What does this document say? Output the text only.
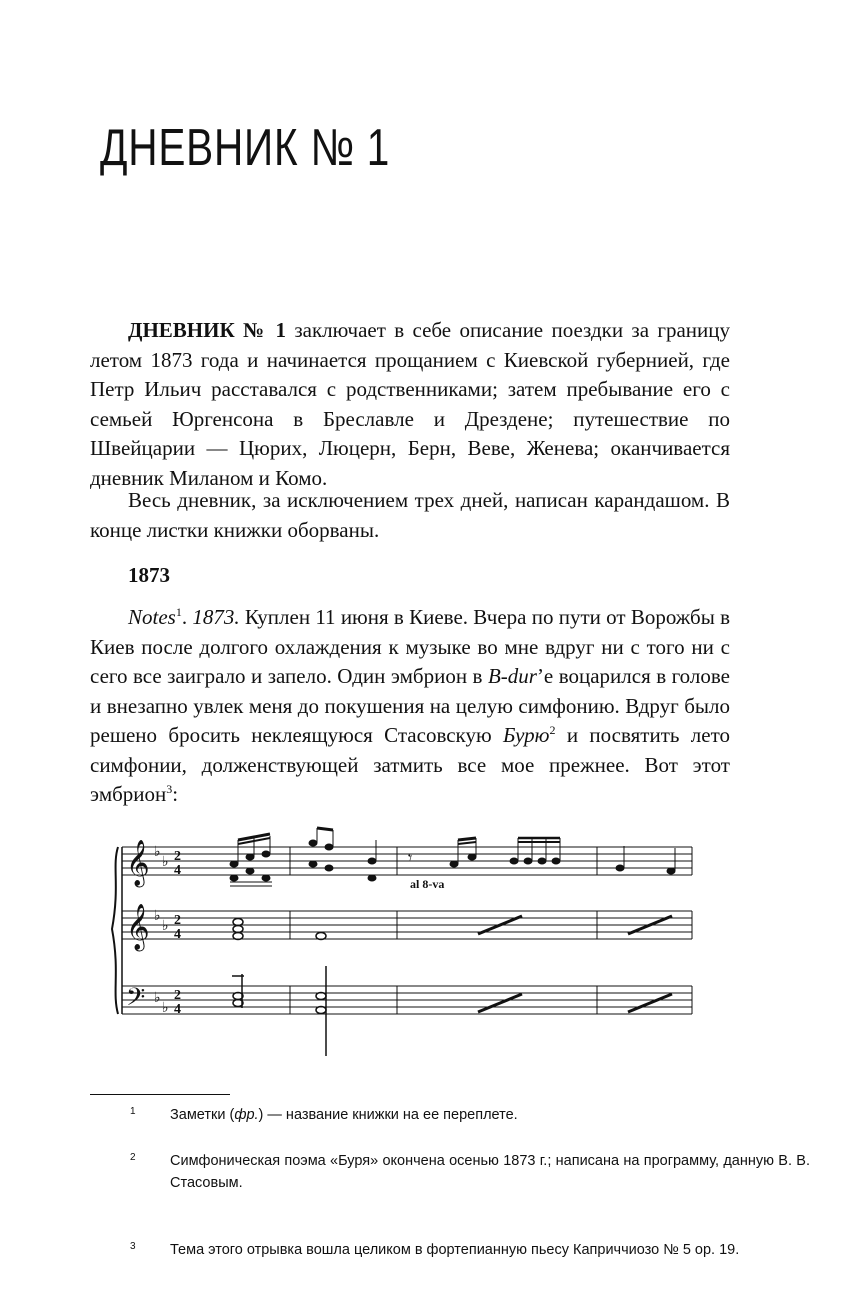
ДНЕВНИК № 1

ДНЕВНИК № 1 заключает в себе описание поездки за границу летом 1873 года и начинается прощанием с Киевской губернией, где Петр Ильич расставался с родственниками; затем пребывание его с семьей Юргенсона в Бреславле и Дрездене; путешествие по Швейцарии — Цюрих, Люцерн, Берн, Веве, Женева; оканчивается дневник Миланом и Комо.

Весь дневник, за исключением трех дней, написан карандашом. В конце листки книжки оборваны.

1873

Notes$^1$. 1873. Куплен 11 июня в Киеве. Вчера по пути от Ворожбы в Киев после долгого охлаждения к музыке во мне вдруг ни с того ни с сего все заиграло и запело. Один эмбрион в B-dur’е воцарился в голове и внезапно увлек меня до покушения на целую симфонию. Вдруг было решено бросить неклеящуюся Стасовскую Бурю$^2$ и посвятить лето симфонии, долженствующей затмить все мое прежнее. Вот этот эмбрион$^3$:

𝄞
𝄞
𝄢
♭
♭
♭
♭
♭
♭
2
4
2
4
2
4
𝄾
al 8-va
1 Заметки (фр.) — название книжки на ее переплете.
2 Симфоническая поэма «Буря» окончена осенью 1873 г.; написана на программу, данную В. В. Стасовым.
3 Тема этого отрывка вошла целиком в фортепианную пьесу Каприччиозо № 5 ор. 19.
